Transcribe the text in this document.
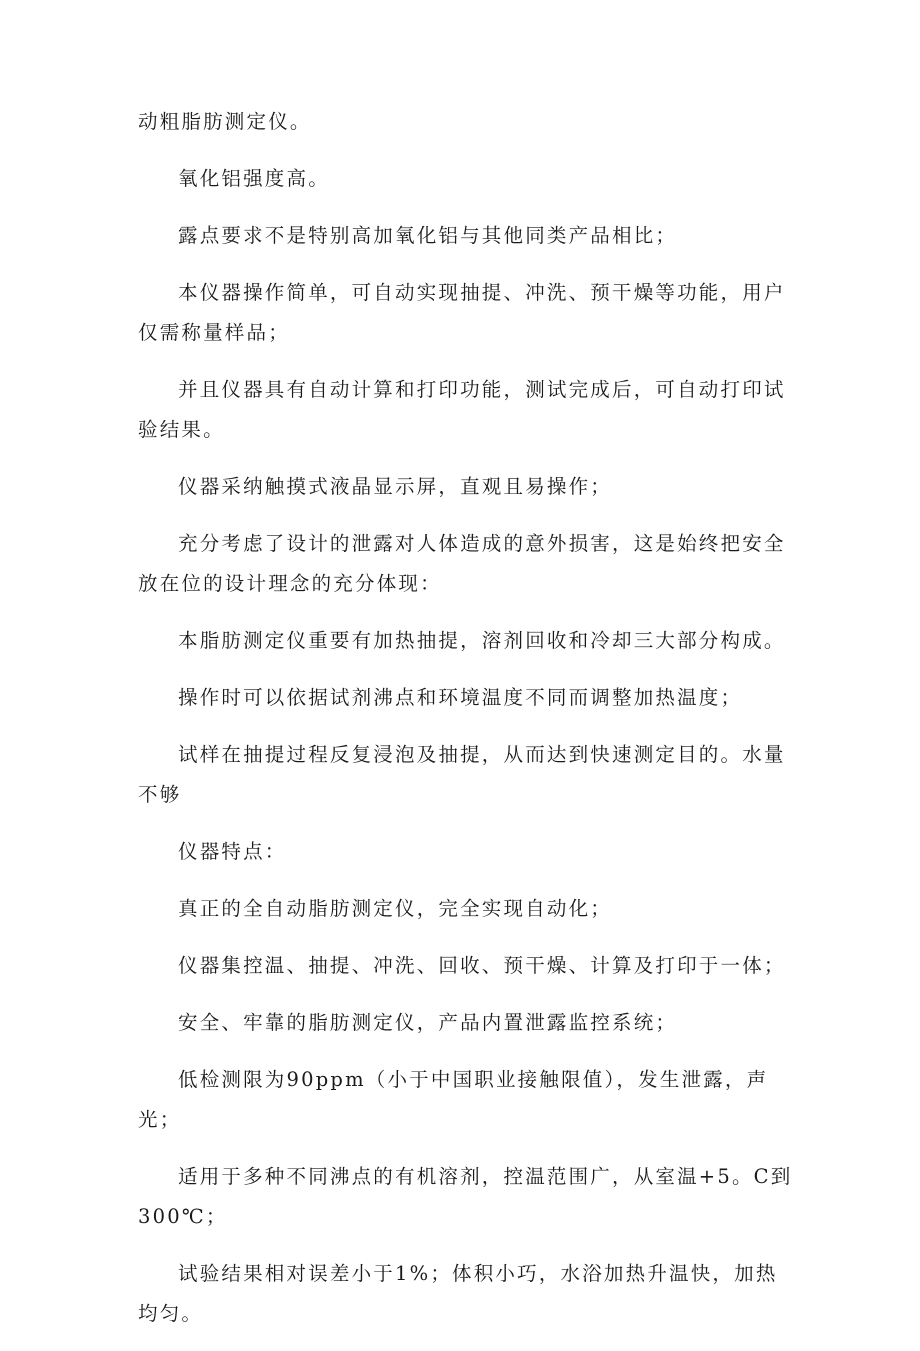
动粗脂肪测定仪。

氧化铝强度高。

露点要求不是特别高加氧化铝与其他同类产品相比；

本仪器操作简单，可自动实现抽提、冲洗、预干燥等功能，用户仅需称量样品；

并且仪器具有自动计算和打印功能，测试完成后，可自动打印试验结果。

仪器采纳触摸式液晶显示屏，直观且易操作；

充分考虑了设计的泄露对人体造成的意外损害，这是始终把安全放在位的设计理念的充分体现：

本脂肪测定仪重要有加热抽提，溶剂回收和冷却三大部分构成。

操作时可以依据试剂沸点和环境温度不同而调整加热温度；

试样在抽提过程反复浸泡及抽提，从而达到快速测定目的。水量不够

仪器特点：

真正的全自动脂肪测定仪，完全实现自动化；

仪器集控温、抽提、冲洗、回收、预干燥、计算及打印于一体；

安全、牢靠的脂肪测定仪，产品内置泄露监控系统；

低检测限为90ppm（小于中国职业接触限值），发生泄露，声光；

适用于多种不同沸点的有机溶剂，控温范围广，从室温+5。C到300℃；

试验结果相对误差小于1%；体积小巧，水浴加热升温快，加热均匀。
